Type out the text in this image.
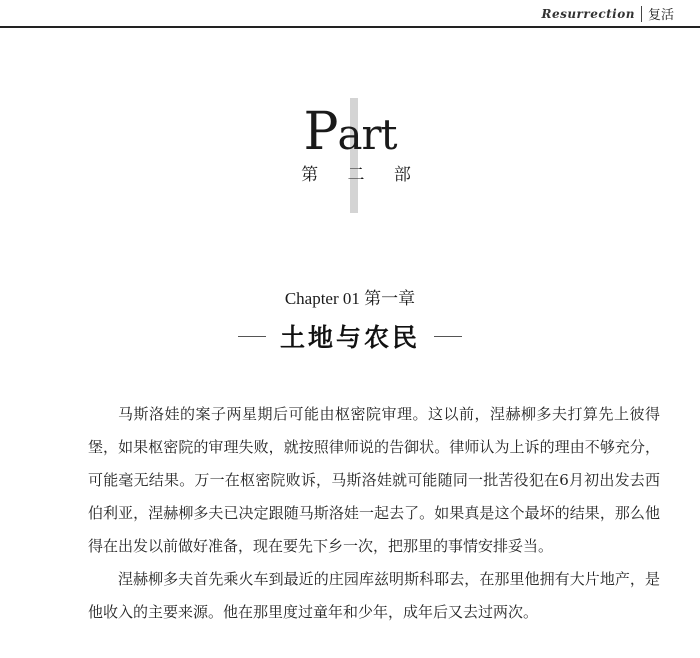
Resurrection 复活
Part
第 二 部
Chapter 01 第一章
土地与农民

马斯洛娃的案子两星期后可能由枢密院审理。这以前，涅赫柳多夫打算先上彼得堡，如果枢密院的审理失败，就按照律师说的告御状。律师认为上诉的理由不够充分，可能毫无结果。万一在枢密院败诉，马斯洛娃就可能随同一批苦役犯在6月初出发去西伯利亚，涅赫柳多夫已决定跟随马斯洛娃一起去了。如果真是这个最坏的结果，那么他得在出发以前做好准备，现在要先下乡一次，把那里的事情安排妥当。

涅赫柳多夫首先乘火车到最近的庄园库兹明斯科耶去，在那里他拥有大片地产，是他收入的主要来源。他在那里度过童年和少年，成年后又去过两次。
